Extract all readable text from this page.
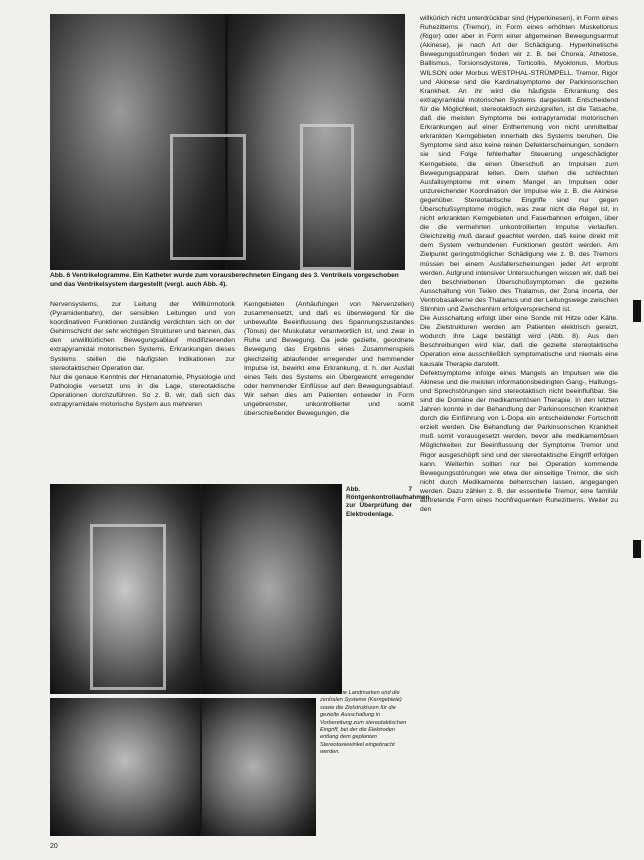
Abb. 6 Ventrikelogramme. Ein Katheter wurde zum vorausberechneten Eingang des 3. Ventrikels vorgeschoben und das Ventrikelsystem dargestellt (vergl. auch Abb. 4).
Nervensystems, zur Leitung der Willkürmotorik (Pyramidenbahn), der sensiblen Leitungen und von koordinativen Funktionen zuständig verdichten sich on der Gehirnschicht der sehr wichtigen Strukturen und bannen, das den unwillkürlichen Bewegungsablauf modifizierenden extrapyramidal motorischen Systems. Erkrankungen dieses Systems stellen die häufigsten Indikationen zur stereotaktischen Operation dar.
Nur die genaue Kenntnis der Hirnanatomie, Physiologie und Pathologie versetzt uns in die Lage, stereotaktische Operationen durchzuführen. So z. B. wir, daß sich das extrapyramidale motorische System aus mehreren
Kerngebieten (Anhäufungen von Nervenzellen) zusammensetzt, und daß es überwiegend für die unbewußte Beeinflussung des Spannungszustandes (Tonus) der Muskulatur verantwortlich ist, und zwar in Ruhe und Bewegung. Da jede gezielte, geordnete Bewegung das Ergebnis eines Zusammenspiels gleichzeitig ablaufender erregender und hemmender Impulse ist, bewirkt eine Erkrankung, d. h. der Ausfall eines Teils des Systems ein Übergewicht erregender oder hemmender Einflüsse auf den Bewegungsablauf. Wir sehen dies am Patienten entweder in Form ungebremster, unkontrollierter und somit überschießender Bewegungen, die
Abb. 7 Röntgenkontrollaufnahmen zur Überprüfung der Elektrodenlage.
Knöcherne Landmarken und die zentralen Systeme (Kerngebiete) sowie die Zielstrukturen für die gezielte Ausschaltung in Vorbereitung zum stereotaktischen Eingriff, bei der die Elektroden entlang dem geplanten Stereotaxiewinkel eingebracht werden.
willkürlich nicht unterdrückbar sind (Hyperkinesen), in Form eines Ruhezitterns (Tremor), in Form eines erhöhten Muskeltonus (Rigor) oder aber in Form einer allgemeinen Bewegungsarmut (Akinese), je nach Art der Schädigung. Hyperkinetische Bewegungsstörungen finden wir z. B. bei Chorea, Athetose, Ballismus, Torsionsdystonie, Torticollis, Myoklonus, Morbus WILSON oder Morbus WESTPHAL-STRÜMPELL. Tremor, Rigor und Akinese sind die Kardinalsymptome der Parkinsonschen Krankheit. An ihr wird die häufigste Erkrankung des extrapyramidal motorischen Systems dargestellt. Entscheidend für die Möglichkeit, stereotaktisch einzugreifen, ist die Tatsache, daß die meisten Symptome bei extrapyramidal motorischen Erkrankungen auf einer Enthemmung von nicht unmittelbar erkrankten Kerngebieten innerhalb des Systems beruhen. Die Symptome sind also keine reinen Defekterscheinungen, sondern sie sind Folge fehlerhafter Steuerung ungeschädigter Kerngebiete, die einen Überschuß an Impulsen zum Bewegungsapparat leiten. Dem stehen die schlechten Ausfallsymptome mit einem Mangel an Impulsen oder unzureichender Koordination der Impulse wie z. B. die Akinese gegenüber. Stereotaktische Eingriffe sind nur gegen Überschußsymptome möglich, was zwar nicht die Regel ist, in nicht erkrankten Kerngebieten und Faserbahnen erfolgen, über die die vermehrten unkontrollierten Impulse verlaufen. Gleichzeitig muß darauf geachtet werden, daß keine direkt mit dem System verbundenen Funktionen gestört werden. Am Zielpunkt geringstmöglicher Schädigung wie z. B. des Tremors müssen bei einem Ausfallerscheinungen jeder Art erprobt werden. Aufgrund intensiver Untersuchungen wissen wir, daß bei den beschriebenen Überschußsymptomen die gezielte Ausschaltung von Teilen des Thalamus, der Zona incerta, der Ventrobasalkerne des Thalamus und der Leitungswege zwischen Stirnhirn und Zwischenhirn erfolgversprechend ist.
Die Ausschaltung erfolgt über eine Sonde mit Hitze oder Kälte. Die Zielstrukturen werden am Patienten elektrisch gereizt, wodurch ihre Lage bestätigt wird (Abb. 8). Aus den Beschreibungen wird klar, daß die gezielte stereotaktische Operation eine ausschließlich symptomatische und niemals eine kausale Therapie darstellt.
Defektsymptome infolge eines Mangels an Impulsen wie die Akinese und die meisten informationsbedingten Gang-, Haltungs- und Sprechstörungen sind stereotaktisch nicht beeinflußbar. Sie sind die Domäne der medikamentösen Therapie. In den letzten Jahren konnte in der Behandlung der Parkinsonschen Krankheit durch die Einführung von L-Dopa ein entscheidender Fortschritt erzielt werden. Die Behandlung der Parkinsonschen Krankheit muß somit vorausgesetzt werden, bevor alle medikamentösen Möglichkeiten zur Beeinflussung der Symptome Tremor und Rigor ausgeschöpft sind und der stereotaktische Eingriff erfolgen kann. Weiterhin sollten nur bei Operation kommende Bewegungsstörungen wie etwa der einseitige Tremor, die sich nicht durch Medikamente beherrschen lassen, angegangen werden. Dazu zählen z. B. der essentielle Tremor, eine familiär auftretende Form eines hochfrequenten Ruhezitterns. Weiter zu den
20
